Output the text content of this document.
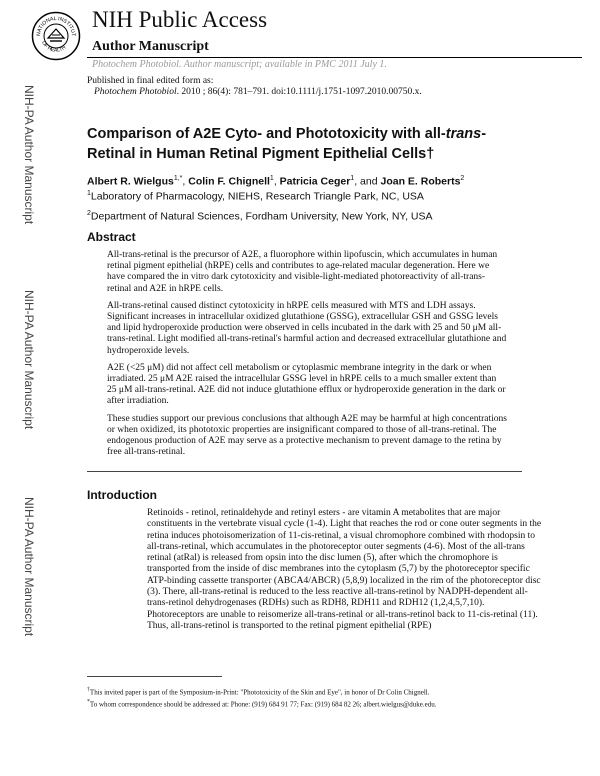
NATIONAL INSTITUT
OF HEALTH
NIH Public Access
Author Manuscript
Photochem Photobiol. Author manuscript; available in PMC 2011 July 1.
Published in final edited form as:
Photochem Photobiol. 2010 ; 86(4): 781–791. doi:10.1111/j.1751-1097.2010.00750.x.
NIH-PA Author Manuscript
NIH-PA Author Manuscript
NIH-PA Author Manuscript
Comparison of A2E Cyto- and Phototoxicity with all-trans-Retinal in Human Retinal Pigment Epithelial Cells†
Albert R. Wielgus$^{1,*}$, Colin F. Chignell$^1$, Patricia Ceger$^1$, and Joan E. Roberts$^2$
$^1$Laboratory of Pharmacology, NIEHS, Research Triangle Park, NC, USA
$^2$Department of Natural Sciences, Fordham University, New York, NY, USA
Abstract

All-trans-retinal is the precursor of A2E, a fluorophore within lipofuscin, which accumulates in human retinal pigment epithelial (hRPE) cells and contributes to age-related macular degeneration. Here we have compared the in vitro dark cytotoxicity and visible-light-mediated photoreactivity of all-trans-retinal and A2E in hRPE cells.

All-trans-retinal caused distinct cytotoxicity in hRPE cells measured with MTS and LDH assays. Significant increases in intracellular oxidized glutathione (GSSG), extracellular GSH and GSSG levels and lipid hydroperoxide production were observed in cells incubated in the dark with 25 and 50 μM all-trans-retinal. Light modified all-trans-retinal's harmful action and decreased extracellular glutathione and hydroperoxide levels.

A2E (<25 μM) did not affect cell metabolism or cytoplasmic membrane integrity in the dark or when irradiated. 25 μM A2E raised the intracellular GSSG level in hRPE cells to a much smaller extent than 25 μM all-trans-retinal. A2E did not induce glutathione efflux or hydroperoxide generation in the dark or after irradiation.

These studies support our previous conclusions that although A2E may be harmful at high concentrations or when oxidized, its phototoxic properties are insignificant compared to those of all-trans-retinal. The endogenous production of A2E may serve as a protective mechanism to prevent damage to the retina by free all-trans-retinal.

Introduction

Retinoids - retinol, retinaldehyde and retinyl esters - are vitamin A metabolites that are major constituents in the vertebrate visual cycle (1-4). Light that reaches the rod or cone outer segments in the retina induces photoisomerization of 11-cis-retinal, a visual chromophore combined with rhodopsin to all-trans-retinal, which accumulates in the photoreceptor outer segments (4-6). Most of the all-trans retinal (atRal) is released from opsin into the disc lumen (5), after which the chromophore is transported from the inside of disc membranes into the cytoplasm (5,7) by the photoreceptor specific ATP-binding cassette transporter (ABCA4/ABCR) (5,8,9) localized in the rim of the photoreceptor disc (3). There, all-trans-retinal is reduced to the less reactive all-trans-retinol by NADPH-dependent all-trans-retinol dehydrogenases (RDHs) such as RDH8, RDH11 and RDH12 (1,2,4,5,7,10). Photoreceptors are unable to reisomerize all-trans-retinal or all-trans-retinol back to 11-cis-retinal (11). Thus, all-trans-retinol is transported to the retinal pigment epithelial (RPE)

†This invited paper is part of the Symposium-in-Print: "Phototoxicity of the Skin and Eye", in honor of Dr Colin Chignell.
*To whom correspondence should be addressed at: Phone: (919) 684 91 77; Fax: (919) 684 82 26; albert.wielgus@duke.edu.
